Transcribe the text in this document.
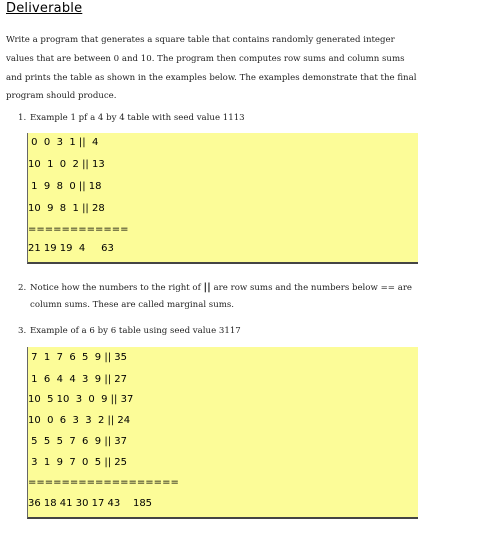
Deliverable

Write a program that generates a square table that contains randomly generated integer values that are between 0 and 10. The program then computes row sums and column sums and prints the table as shown in the examples below. The examples demonstrate that the final program should produce.

1. Example 1 pf a 4 by 4 table with seed value 1113

0  0  3  1 ||  4
10  1  0  2 || 13
1  9  8  0 || 18
10  9  8  1 || 28
============
21 19 19  4     63

2. Notice how the numbers to the right of || are row sums and the numbers below == are

column sums. These are called marginal sums.

3. Example of a 6 by 6 table using seed value 3117

7  1  7  6  5  9 || 35
1  6  4  4  3  9 || 27
10  5 10  3  0  9 || 37
10  0  6  3  3  2 || 24
5  5  5  7  6  9 || 37
3  1  9  7  0  5 || 25
==================
36 18 41 30 17 43    185
